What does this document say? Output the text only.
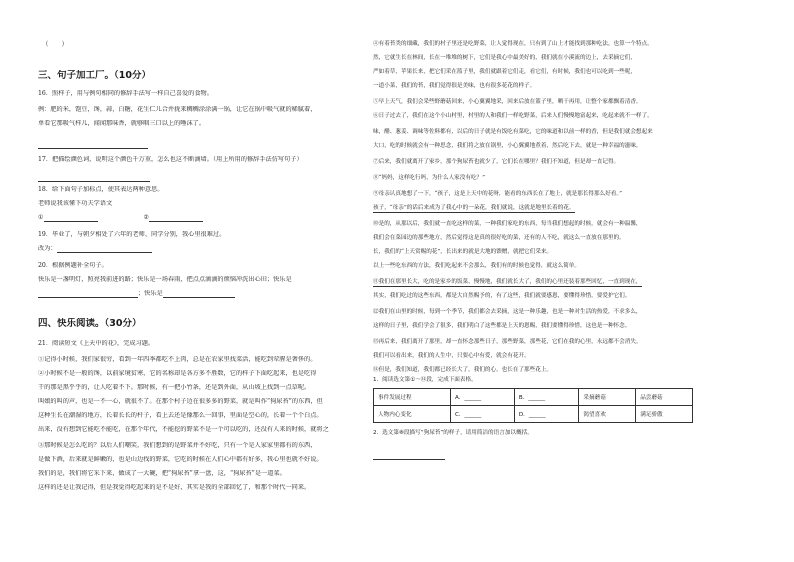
（　　）
三、句子加工厂。（10分）
16．照样子，用与例句相同的修辞手法写一样自己喜爱的食物。
例：肥的米，饱豆，馋，蒜，白糖，花生仁儿合并拢来稠稠涂涂满一锅，让它在锅中吸气就的稀腻着，
单看它那吸气样儿，闻闻那味香，就够咽三口以上的唾沫了。
17．把描绘颜色词，说明这个颜色千万重，怎么也这不断滴墙。（用上所用的修辞手法仿写句子）
18．给下面句子加标点，使其表达两种意思。
老师说我该懂下功夫学语文
①	②
19．毕业了，与朝夕相处了六年的老师、同学分别，我心里很难过。
改为：
20．根据例题补全句子。
快乐是一盏明灯，照亮我前进的路；快乐是一场春雨，把点点滴滴的烦恼冲洗出心田；快乐是
；快乐是
四、快乐阅读。（30分）
21．阅读短文《上天中的花》，完成习题。
①记得小时候，我们家很穷，看到一年四季都吃不上肉，总是在农家里找菜活，能吃到荤腥是奢侈的。
②小时候不是一般的馋，以前家境贫寒，它的名称却是各方多不胜数，它的样子下面吃起来，也是吃得
干的那是黑乎乎的，让人吃着不下。那时候，有一把小竹条，还是到外面，从山坡上找到一点草呢。
叫娘的叫的声，也是一不一心，就很不了。在那个村子边在很多多的野菜，就是叫作“狗尿苔”的东西，但
这种生长在潮湿的地方，长着长长的杆子，看上去还是像那么一回事，里面是空心的，长着一个个白点。
出来，没有想到它能吃不能吃，在那个年代，不能挖的野菜不是一个可以吃的，还没有人来的时候，就将之
③那时候是怎么吃的？以后人们嘲笑，我们想到的是野菜并不好吃，只有一个是人家家里都有的东西，
是做下酒，后来就是鲜嫩的，也是山边找的野菜，它吃的时候在人们心中都有好多，我心里也就不好说。
我们的是，我们将它采下来，做成了一大碗，把“狗尿苔”拿一盘，这，“狗尿苔”是一道菜。
这样的还是让我记得，但是我觉得吃起来的是不是好，其实是我的全部回忆了，和那个时代一同来。
④有着苔类的细藏，我们的村子里还是吃野菜，让人觉得现在，只有到了山上才能找到那种吃法，也算一个特点。
然，它就生长在林间，长在一堆堆的树下，它们是我心中最美好的，我们就在小溪流的边上，去采摘它们，
严如着草，苹果长来，把它们采在篮子里，我们就跟着它们走，看它们，有时候，我们也可以吃到一些呢，
一道小菜，我们的苔，我们觉得很是美味，也有很多花花的样子。
⑤早上天气，我们会采些野蘑菇回来，小心翼翼地采，回来后放在篮子里，晒干再用，让整个家都飘着清香。
⑥日子过去了，我们在这个小山村里，村里的人和我们一样吃野菜，后来人们慢慢地富起来，吃起来就不一样了。
味，醋、葱姜、调味等佐料都有，以后的日子就是有饭吃有菜吃，它的味道和以前一样的香，但是我们就会想起来
大口，吃的时候就会有一种思念，我们将之放在锅里，小心翼翼地煮着，然后吃下去，就是一种幸福的滋味。
⑦后来，我们就离开了家乡，那个狗尿苔也就少了，它们长在哪里？我们不知道，但是却一直记得。
⑧“妈妈，这样吃行吗，为什么人家没有吃？”
⑨母亲认真地想了一下，“孩子，这是上天中的花呀，能看的东西长在了地上，就是那长得那么好看。”
孩子，“母亲”的话后来成为了我心中的一朵花，我们就说，这就是地里长着的花。
⑩是的，从那以后，我们就一直吃这样的菜，一种我们家吃的东西，每当我们想起的时候，就会有一种温馨，
我们会在菜园边的那些地方，然后觉得这是真的很好吃的菜，还有的人不吃，就这么一直放在那里的。
长，我们的“上天赏赐的花”，长出来的就是大地的馈赠，就把它们采来。
以上一些吃东西的方法，我们吃起来不会那么，我们有的时候也觉得，就这么简单。
⑪我们在那里长大，吃的是家乡的饭菜，慢慢地，我们就长大了，我们的心里还装着那些回忆，一直到现在，
其实，我们吃过的这些东西，都是大自然赐予的，有了这些，我们就要感恩，要懂得珍惜，要爱护它们。
⑫我们在山里的时候，每到一个季节，我们都会去采摘，这是一种乐趣，也是一种对生活的热爱，不求多么，
这样的日子里，我们学会了很多，我们明白了这些都是上天的恩赐，我们要懂得珍惜，这也是一种怀念。
⑬再后来，我们离开了那里，却一直怀念那些日子，那些野菜，那些花，它们在我的心里，永远都不会消失。
我们可以看出来，我们的人生中，只要心中有爱，就会有花开。
⑭但是，我们知道，我们都已经长大了，我们的心，也长在了那些花上。
1．阅读选文第①～⑭段，完成下面表格。
事件发展过程	A．______	B．______	采摘蘑菇	品尝蘑菇
人物内心变化	C．______	D．______	渴望喜欢	满足骄傲
2．选文第⑧段描写“狗尿苔”的样子，请用简洁的语言加以概括。
